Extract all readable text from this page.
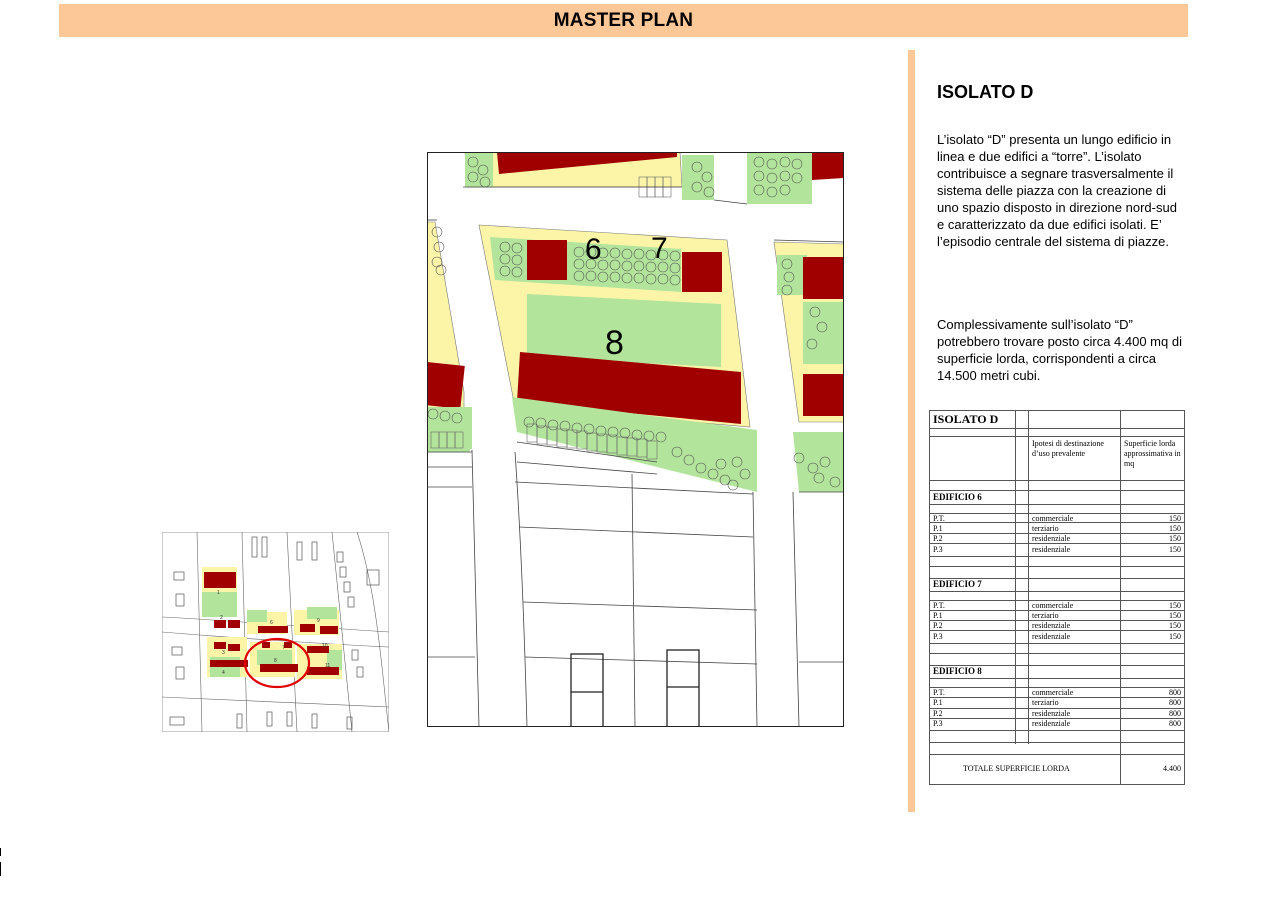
MASTER PLAN
ISOLATO D
L’isolato “D” presenta un lungo edificio in linea e due edifici a “torre”. L’isolato contribuisce a segnare trasversalmente il sistema delle piazza con la creazione di uno spazio disposto in direzione nord-sud e caratterizzato da due edifici isolati. E’ l’episodio centrale del sistema di piazze.
Complessivamente sull’isolato “D” potrebbero trovare posto circa 4.400 mq di superficie lorda, corrispondenti a circa 14.500 metri cubi.
6 7
8
1
2
3
4
6
7
8
9
10
11
ISOLATO D
Ipotesi di destinazione d’uso prevalente
Superficie lorda approssimativa in mq
EDIFICIO 6
P.T.	commerciale	150
P.1	terziario	150
P.2	residenziale	150
P.3	residenziale	150
EDIFICIO 7
P.T.	commerciale	150
P.1	terziario	150
P.2	residenziale	150
P.3	residenziale	150
EDIFICIO 8
P.T.	commerciale	800
P.1	terziario	800
P.2	residenziale	800
P.3	residenziale	800
TOTALE SUPERFICIE LORDA	4.400
